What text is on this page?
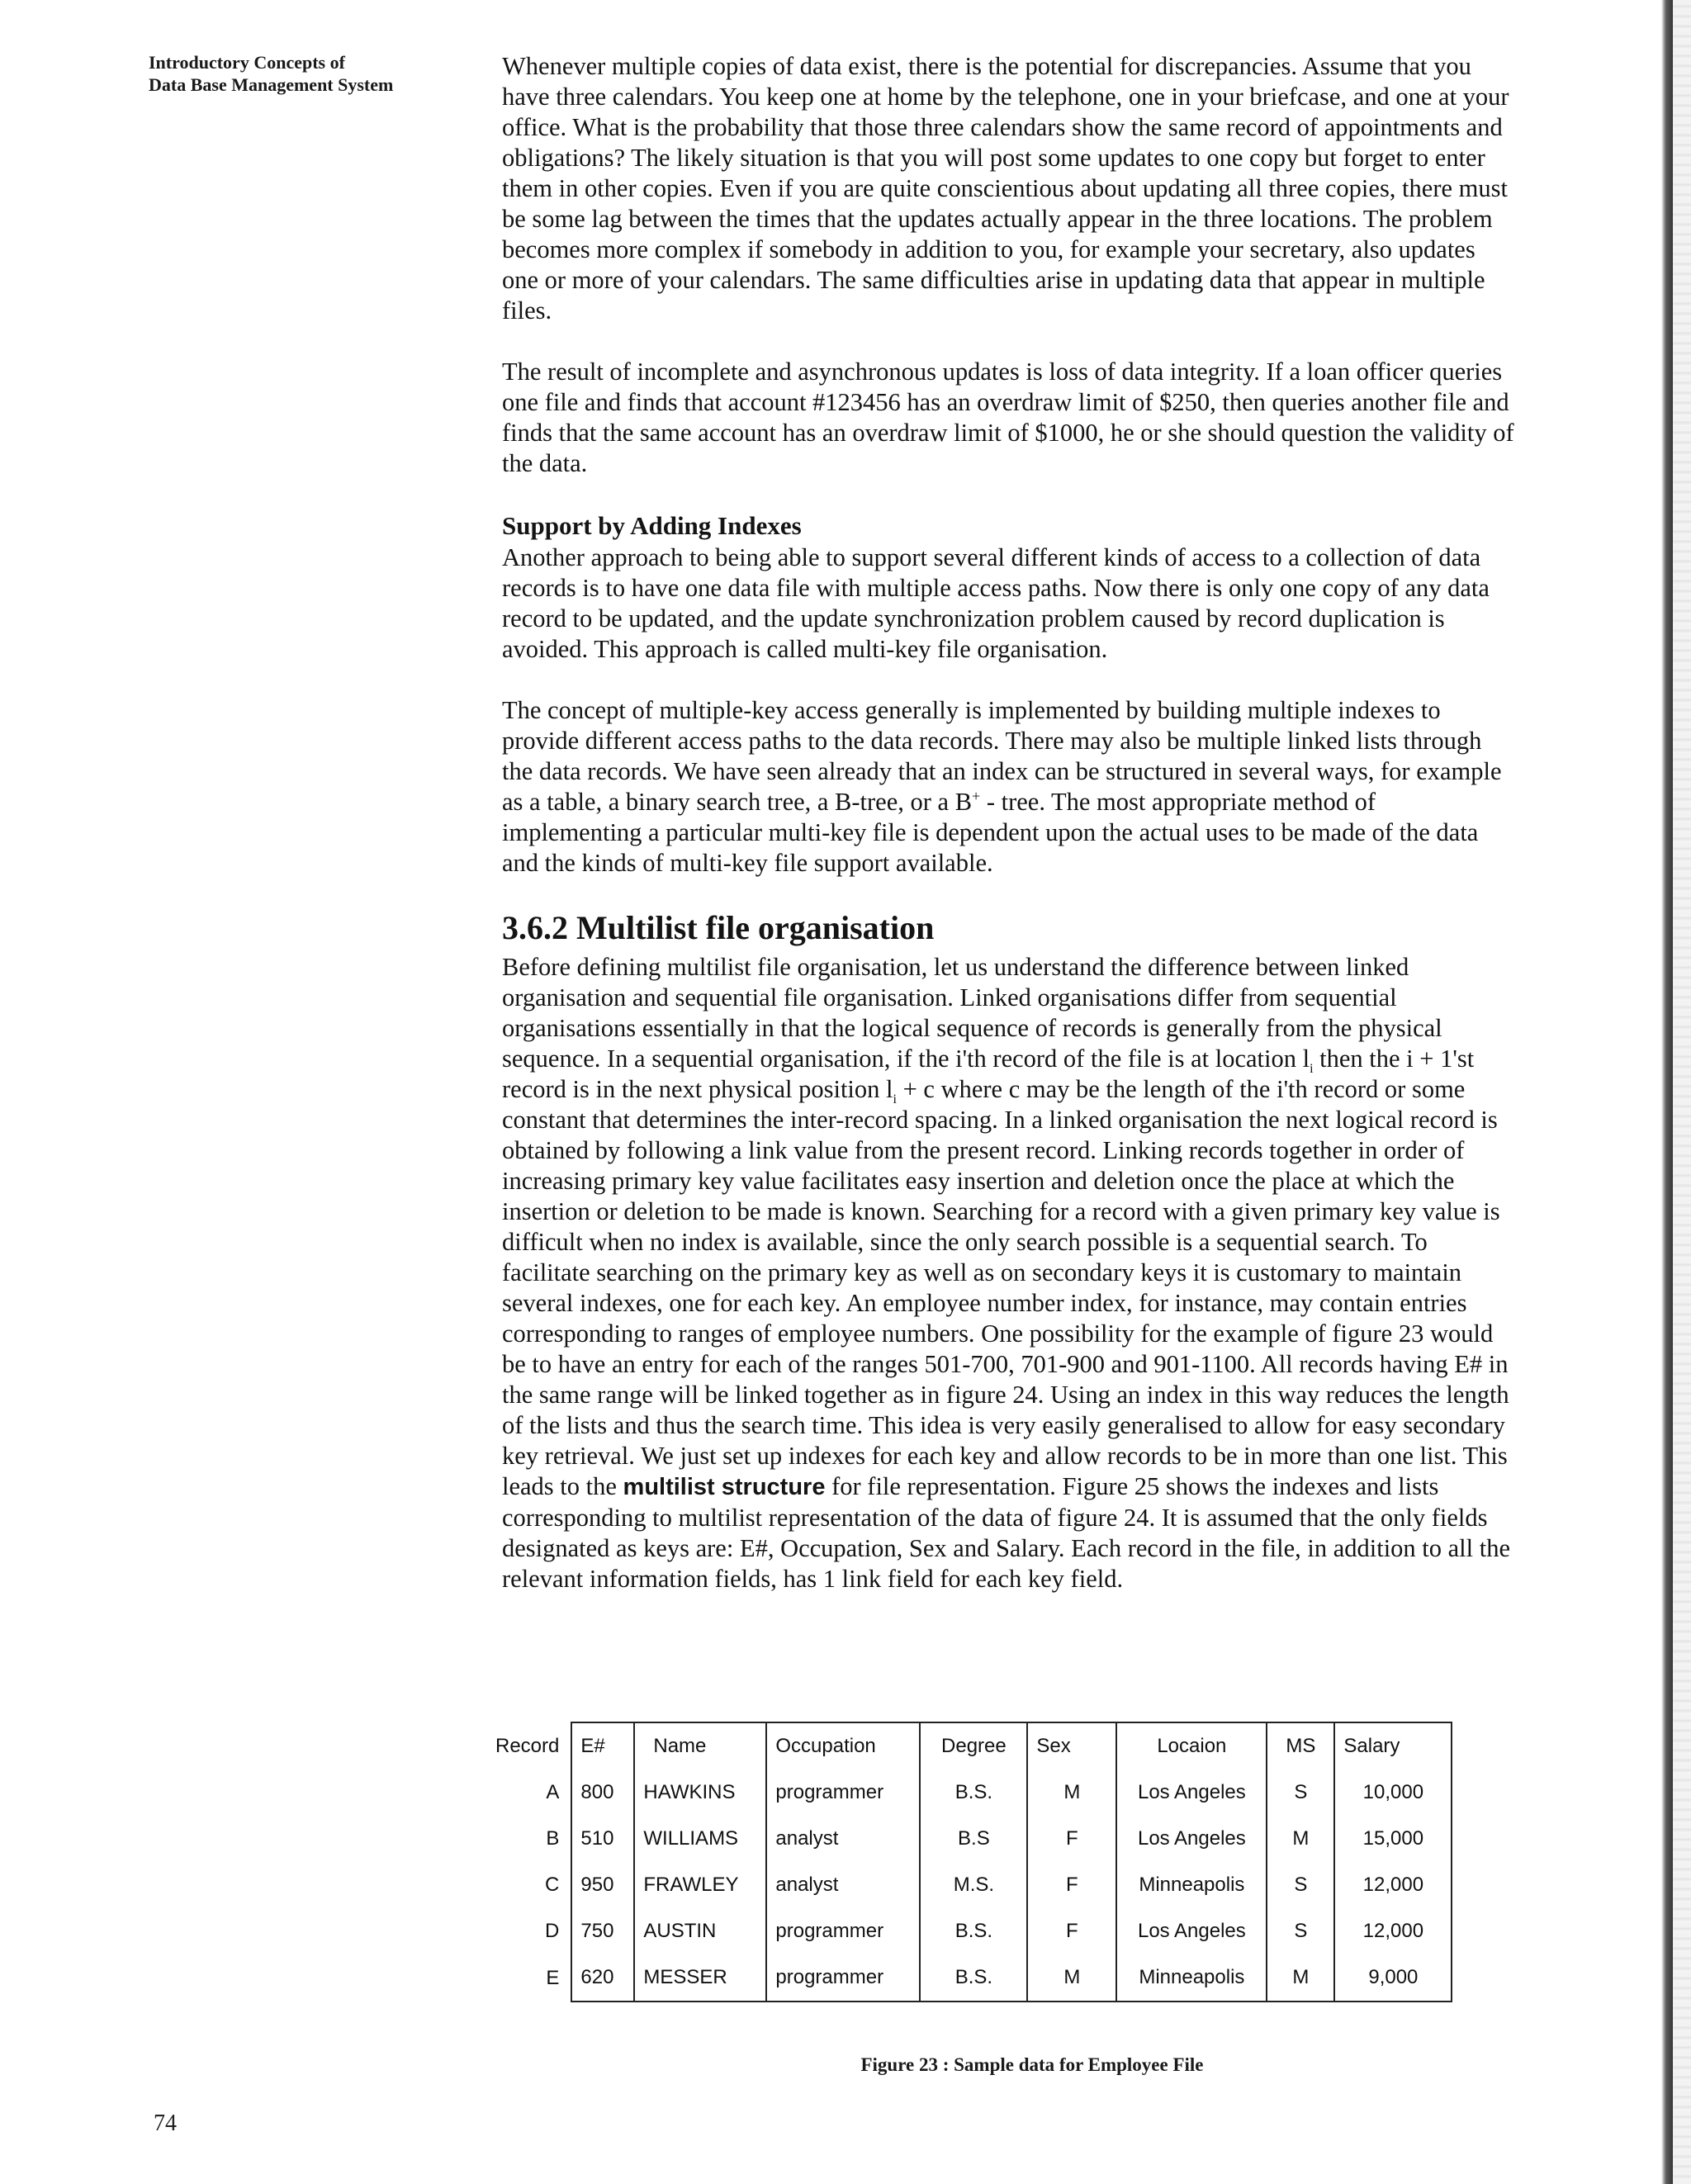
Introductory Concepts of
Data Base Management System

Whenever multiple copies of data exist, there is the potential for discrepancies. Assume that you have three calendars. You keep one at home by the telephone, one in your briefcase, and one at your office. What is the probability that those three calendars show the same record of appointments and obligations? The likely situation is that you will post some updates to one copy but forget to enter them in other copies. Even if you are quite conscientious about updating all three copies, there must be some lag between the times that the updates actually appear in the three locations. The problem becomes more complex if somebody in addition to you, for example your secretary, also updates one or more of your calendars. The same difficulties arise in updating data that appear in multiple files.

The result of incomplete and asynchronous updates is loss of data integrity. If a loan officer queries one file and finds that account #123456 has an overdraw limit of $250, then queries another file and finds that the same account has an overdraw limit of $1000, he or she should question the validity of the data.

Support by Adding Indexes

Another approach to being able to support several different kinds of access to a collection of data records is to have one data file with multiple access paths. Now there is only one copy of any data record to be updated, and the update synchronization problem caused by record duplication is avoided. This approach is called multi-key file organisation.

The concept of multiple-key access generally is implemented by building multiple indexes to provide different access paths to the data records. There may also be multiple linked lists through the data records. We have seen already that an index can be structured in several ways, for example as a table, a binary search tree, a B-tree, or a B+ - tree. The most appropriate method of implementing a particular multi-key file is dependent upon the actual uses to be made of the data and the kinds of multi-key file support available.

3.6.2 Multilist file organisation

Before defining multilist file organisation, let us understand the difference between linked organisation and sequential file organisation. Linked organisations differ from sequential organisations essentially in that the logical sequence of records is generally from the physical sequence. In a sequential organisation, if the i'th record of the file is at location $l_i$ then the i + 1'st record is in the next physical position $l_i + c$ where c may be the length of the i'th record or some constant that determines the inter-record spacing. In a linked organisation the next logical record is obtained by following a link value from the present record. Linking records together in order of increasing primary key value facilitates easy insertion and deletion once the place at which the insertion or deletion to be made is known. Searching for a record with a given primary key value is difficult when no index is available, since the only search possible is a sequential search. To facilitate searching on the primary key as well as on secondary keys it is customary to maintain several indexes, one for each key. An employee number index, for instance, may contain entries corresponding to ranges of employee numbers. One possibility for the example of figure 23 would be to have an entry for each of the ranges 501-700, 701-900 and 901-1100. All records having E# in the same range will be linked together as in figure 24. Using an index in this way reduces the length of the lists and thus the search time. This idea is very easily generalised to allow for easy secondary key retrieval. We just set up indexes for each key and allow records to be in more than one list. This leads to the multilist structure for file representation. Figure 25 shows the indexes and lists corresponding to multilist representation of the data of figure 24. It is assumed that the only fields designated as keys are: E#, Occupation, Sex and Salary. Each record in the file, in addition to all the relevant information fields, has 1 link field for each key field.

Record	E#	Name	Occupation	Degree	Sex	Locaion	MS	Salary
A	800	HAWKINS	programmer	B.S.	M	Los Angeles	S	10,000
B	510	WILLIAMS	analyst	B.S	F	Los Angeles	M	15,000
C	950	FRAWLEY	analyst	M.S.	F	Minneapolis	S	12,000
D	750	AUSTIN	programmer	B.S.	F	Los Angeles	S	12,000
E	620	MESSER	programmer	B.S.	M	Minneapolis	M	9,000
Figure 23 : Sample data for Employee File
74
